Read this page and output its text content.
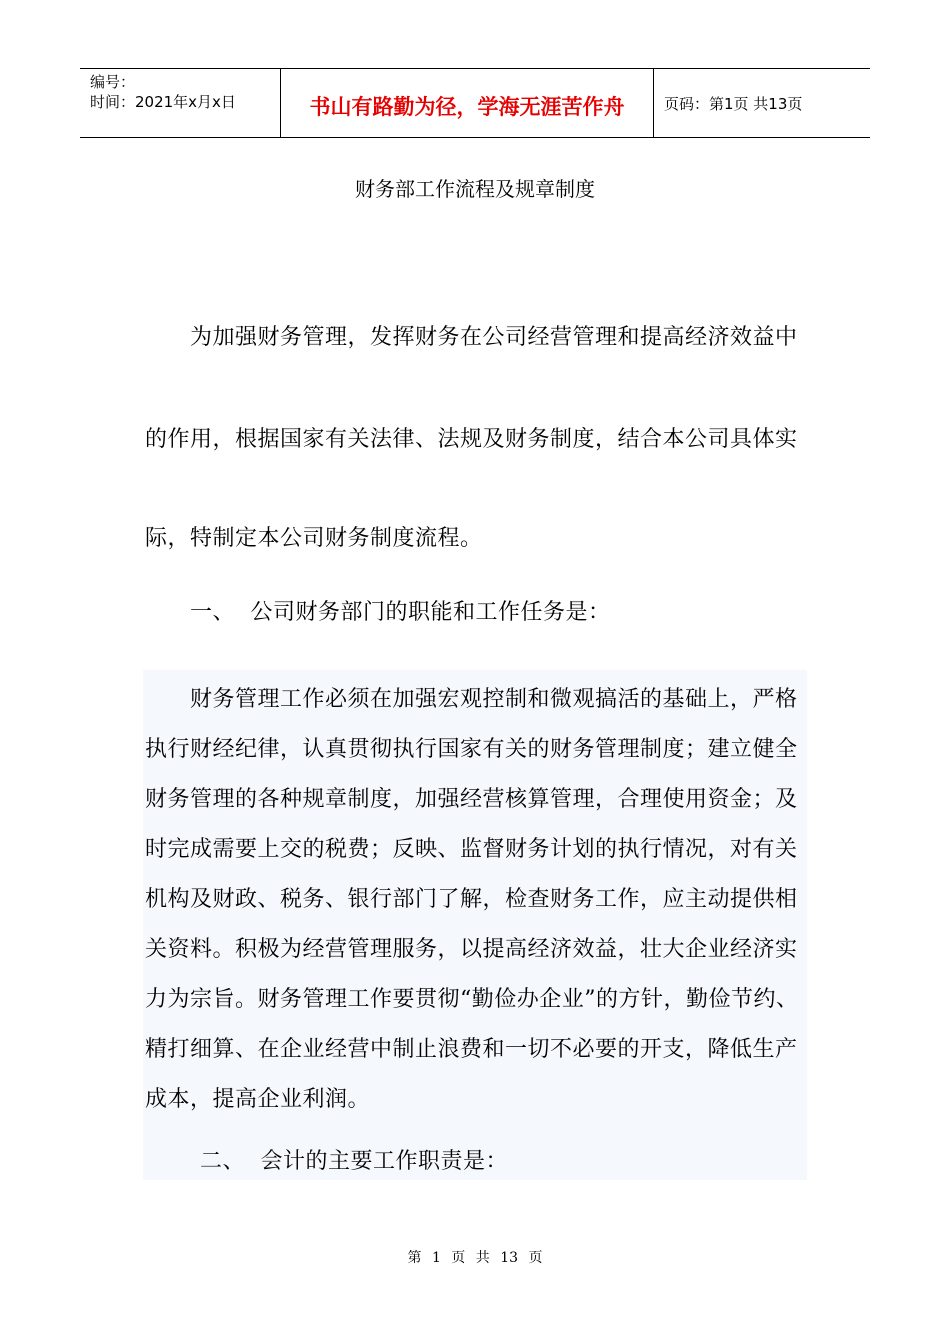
编号：
时间：2021年x月x日	书山有路勤为径，学海无涯苦作舟	页码：第1页 共13页
财务部工作流程及规章制度
为加强财务管理，发挥财务在公司经营管理和提高经济效益中
的作用，根据国家有关法律、法规及财务制度，结合本公司具体实
际，特制定本公司财务制度流程。
一、 公司财务部门的职能和工作任务是：
财务管理工作必须在加强宏观控制和微观搞活的基础上，严格
执行财经纪律，认真贯彻执行国家有关的财务管理制度；建立健全
财务管理的各种规章制度，加强经营核算管理，合理使用资金；及
时完成需要上交的税费；反映、监督财务计划的执行情况，对有关
机构及财政、税务、银行部门了解，检查财务工作，应主动提供相
关资料。积极为经营管理服务，以提高经济效益，壮大企业经济实
力为宗旨。财务管理工作要贯彻“勤俭办企业”的方针，勤俭节约、
精打细算、在企业经营中制止浪费和一切不必要的开支，降低生产
成本，提高企业利润。
二、 会计的主要工作职责是：
第 1 页 共 13 页
